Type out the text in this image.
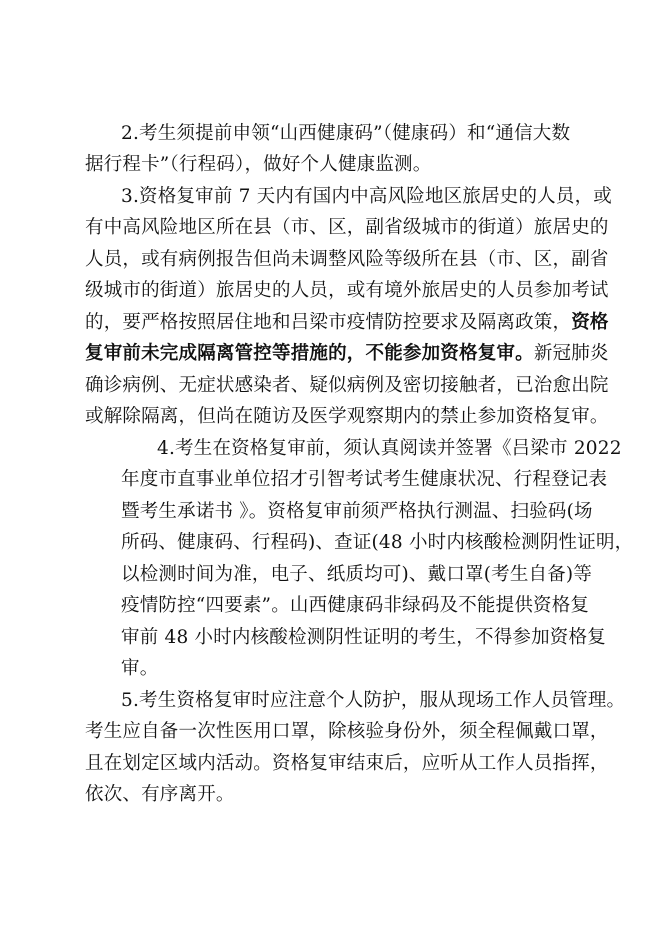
2.考生须提前申领“山西健康码”（健康码）和“通信大数
据行程卡”（行程码），做好个人健康监测。
3.资格复审前 7 天内有国内中高风险地区旅居史的人员，或
有中高风险地区所在县（市、区，副省级城市的街道）旅居史的
人员，或有病例报告但尚未调整风险等级所在县（市、区，副省
级城市的街道）旅居史的人员，或有境外旅居史的人员参加考试
的，要严格按照居住地和吕梁市疫情防控要求及隔离政策，资格
复审前未完成隔离管控等措施的，不能参加资格复审。新冠肺炎
确诊病例、无症状感染者、疑似病例及密切接触者，已治愈出院
或解除隔离，但尚在随访及医学观察期内的禁止参加资格复审。
4.考生在资格复审前，须认真阅读并签署《吕梁市 2022
年度市直事业单位招才引智考试考生健康状况、行程登记表
暨考生承诺书 》。资格复审前须严格执行测温、扫验码(场
所码、健康码、行程码)、查证(48 小时内核酸检测阴性证明，
以检测时间为准，电子、纸质均可)、戴口罩(考生自备)等
疫情防控“四要素”。山西健康码非绿码及不能提供资格复
审前 48 小时内核酸检测阴性证明的考生，不得参加资格复
审。
5.考生资格复审时应注意个人防护，服从现场工作人员管理。
考生应自备一次性医用口罩，除核验身份外，须全程佩戴口罩，
且在划定区域内活动。资格复审结束后，应听从工作人员指挥，
依次、有序离开。
